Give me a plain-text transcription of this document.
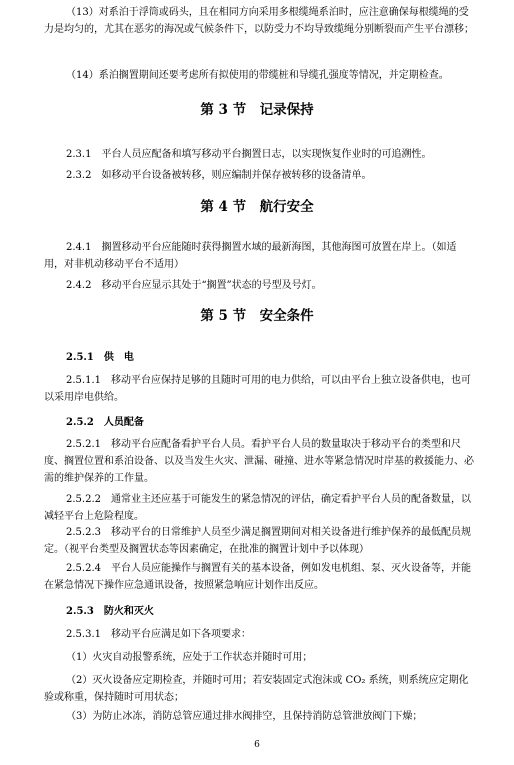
（13）对系泊于浮筒或码头，且在相同方向采用多根缆绳系泊时，应注意确保每根缆绳的受力是均匀的，尤其在恶劣的海况或气候条件下，以防受力不均导致缆绳分别断裂而产生平台漂移；

（14）系泊搁置期间还要考虑所有拟使用的带缆桩和导缆孔强度等情况，并定期检查。

第 3 节　记录保持

2.3.1　平台人员应配备和填写移动平台搁置日志，以实现恢复作业时的可追溯性。

2.3.2　如移动平台设备被转移，则应编制并保存被转移的设备清单。

第 4 节　航行安全

2.4.1　搁置移动平台应能随时获得搁置水域的最新海图，其他海图可放置在岸上。（如适用，对非机动移动平台不适用）

2.4.2　移动平台应显示其处于“搁置”状态的号型及号灯。

第 5 节　安全条件

2.5.1　供　电

2.5.1.1　移动平台应保持足够的且随时可用的电力供给，可以由平台上独立设备供电，也可以采用岸电供给。

2.5.2　人员配备

2.5.2.1　移动平台应配备看护平台人员。看护平台人员的数量取决于移动平台的类型和尺度、搁置位置和系泊设备、以及当发生火灾、泄漏、碰撞、进水等紧急情况时岸基的救援能力、必需的维护保养的工作量。

2.5.2.2　通常业主还应基于可能发生的紧急情况的评估，确定看护平台人员的配备数量，以减轻平台上危险程度。

2.5.2.3　移动平台的日常维护人员至少满足搁置期间对相关设备进行维护保养的最低配员规定。（视平台类型及搁置状态等因素确定，在批准的搁置计划中予以体现）

2.5.2.4　平台人员应能操作与搁置有关的基本设备，例如发电机组、泵、灭火设备等，并能在紧急情况下操作应急通讯设备，按照紧急响应计划作出反应。

2.5.3　防火和灭火

2.5.3.1　移动平台应满足如下各项要求：

（1）火灾自动报警系统，应处于工作状态并随时可用；

（2）灭火设备应定期检查，并随时可用；若安装固定式泡沫或 CO₂ 系统，则系统应定期化验或称重，保持随时可用状态；

（3）为防止冰冻，消防总管应通过排水阀排空，且保持消防总管泄放阀门下燥；

6
